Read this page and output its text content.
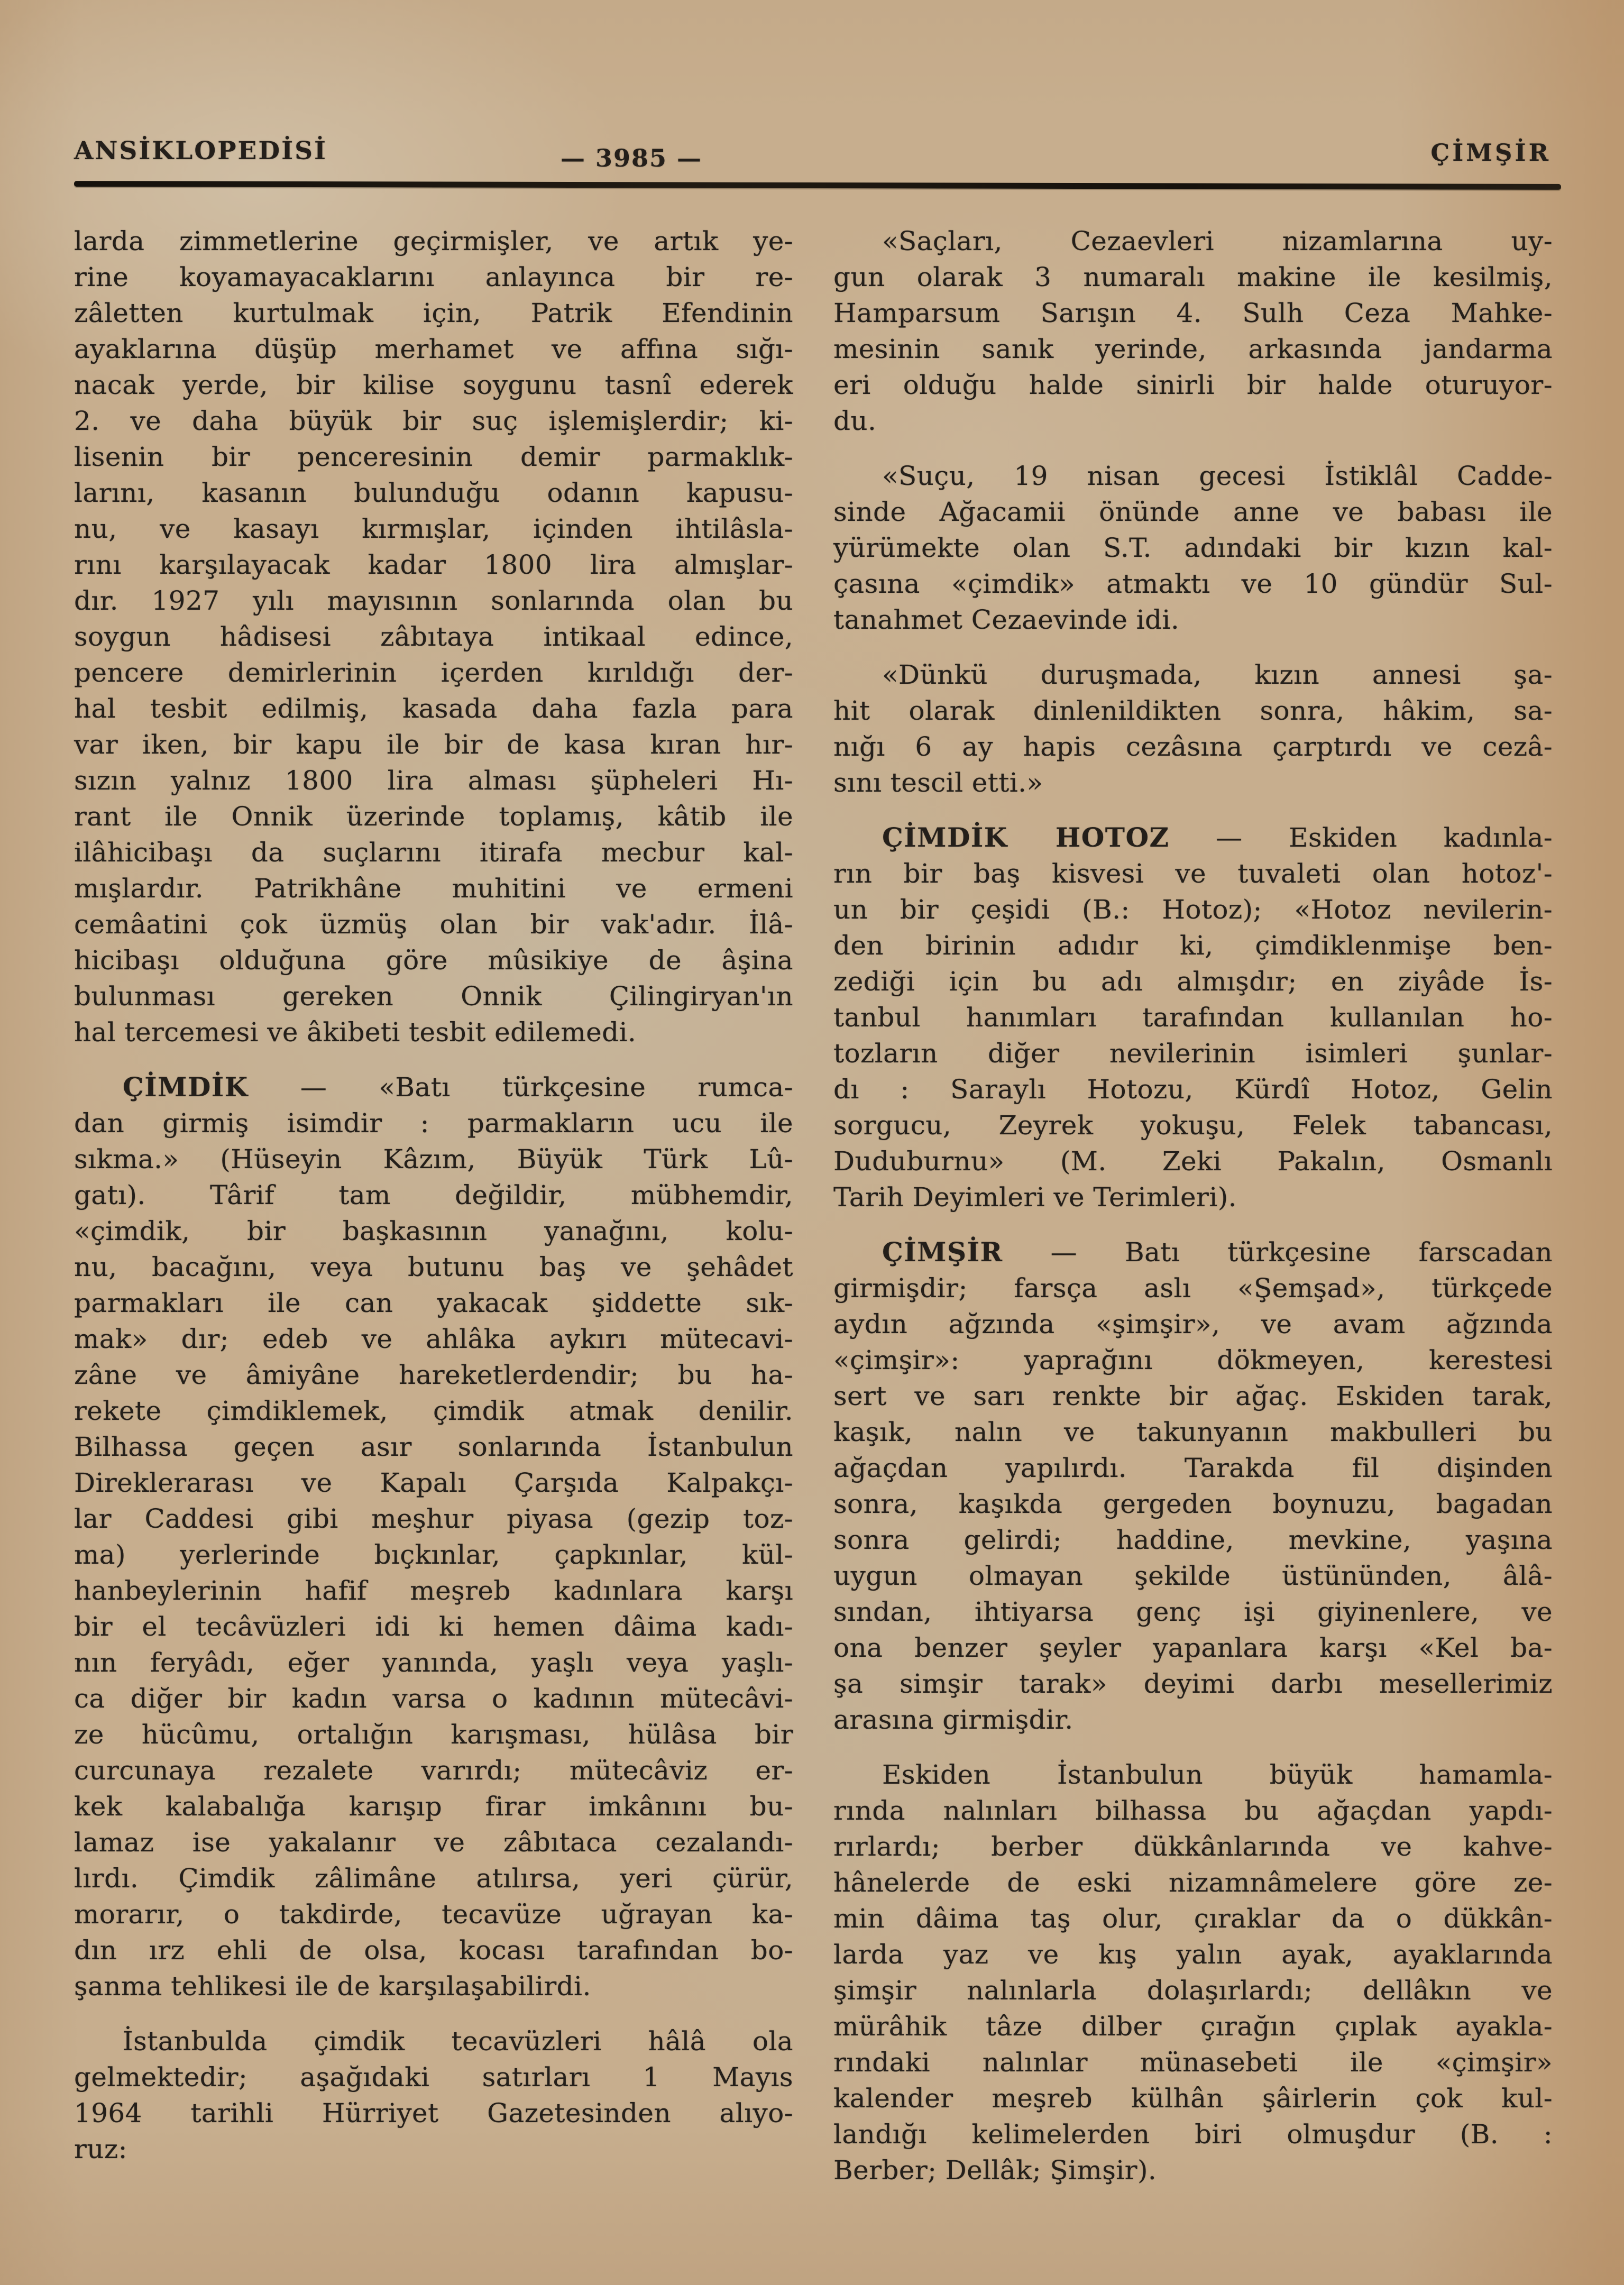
ANSİKLOPEDİSİ	— 3985 —	ÇİMŞİR
larda zimmetlerine geçirmişler, ve artık ye-
rine koyamayacaklarını anlayınca bir re-
zâletten kurtulmak için, Patrik Efendinin
ayaklarına düşüp merhamet ve affına sığı-
nacak yerde, bir kilise soygunu tasnî ederek
2. ve daha büyük bir suç işlemişlerdir; ki-
lisenin bir penceresinin demir parmaklık-
larını, kasanın bulunduğu odanın kapusu-
nu, ve kasayı kırmışlar, içinden ihtilâsla-
rını karşılayacak kadar 1800 lira almışlar-
dır. 1927 yılı mayısının sonlarında olan bu
soygun hâdisesi zâbıtaya intikaal edince,
pencere demirlerinin içerden kırıldığı der-
hal tesbit edilmiş, kasada daha fazla para
var iken, bir kapu ile bir de kasa kıran hır-
sızın yalnız 1800 lira alması şüpheleri Hı-
rant ile Onnik üzerinde toplamış, kâtib ile
ilâhicibaşı da suçlarını itirafa mecbur kal-
mışlardır. Patrikhâne muhitini ve ermeni
cemâatini çok üzmüş olan bir vak'adır. İlâ-
hicibaşı olduğuna göre mûsikiye de âşina
bulunması gereken Onnik Çilingiryan'ın
hal tercemesi ve âkibeti tesbit edilemedi.
ÇİMDİK — «Batı türkçesine rumca-
dan girmiş isimdir : parmakların ucu ile
sıkma.» (Hüseyin Kâzım, Büyük Türk Lû-
gatı). Târif tam değildir, mübhemdir,
«çimdik, bir başkasının yanağını, kolu-
nu, bacağını, veya butunu baş ve şehâdet
parmakları ile can yakacak şiddette sık-
mak» dır; edeb ve ahlâka aykırı mütecavi-
zâne ve âmiyâne hareketlerdendir; bu ha-
rekete çimdiklemek, çimdik atmak denilir.
Bilhassa geçen asır sonlarında İstanbulun
Direklerarası ve Kapalı Çarşıda Kalpakçı-
lar Caddesi gibi meşhur piyasa (gezip toz-
ma) yerlerinde bıçkınlar, çapkınlar, kül-
hanbeylerinin hafif meşreb kadınlara karşı
bir el tecâvüzleri idi ki hemen dâima kadı-
nın feryâdı, eğer yanında, yaşlı veya yaşlı-
ca diğer bir kadın varsa o kadının mütecâvi-
ze hücûmu, ortalığın karışması, hülâsa bir
curcunaya rezalete varırdı; mütecâviz er-
kek kalabalığa karışıp firar imkânını bu-
lamaz ise yakalanır ve zâbıtaca cezalandı-
lırdı. Çimdik zâlimâne atılırsa, yeri çürür,
morarır, o takdirde, tecavüze uğrayan ka-
dın ırz ehli de olsa, kocası tarafından bo-
şanma tehlikesi ile de karşılaşabilirdi.
İstanbulda çimdik tecavüzleri hâlâ ola
gelmektedir; aşağıdaki satırları 1 Mayıs
1964 tarihli Hürriyet Gazetesinden alıyo-
ruz:
«Saçları, Cezaevleri nizamlarına uy-
gun olarak 3 numaralı makine ile kesilmiş,
Hamparsum Sarışın 4. Sulh Ceza Mahke-
mesinin sanık yerinde, arkasında jandarma
eri olduğu halde sinirli bir halde oturuyor-
du.
«Suçu, 19 nisan gecesi İstiklâl Cadde-
sinde Ağacamii önünde anne ve babası ile
yürümekte olan S.T. adındaki bir kızın kal-
çasına «çimdik» atmaktı ve 10 gündür Sul-
tanahmet Cezaevinde idi.
«Dünkü duruşmada, kızın annesi şa-
hit olarak dinlenildikten sonra, hâkim, sa-
nığı 6 ay hapis cezâsına çarptırdı ve cezâ-
sını tescil etti.»
ÇİMDİK HOTOZ — Eskiden kadınla-
rın bir baş kisvesi ve tuvaleti olan hotoz'-
un bir çeşidi (B.: Hotoz); «Hotoz nevilerin-
den birinin adıdır ki, çimdiklenmişe ben-
zediği için bu adı almışdır; en ziyâde İs-
tanbul hanımları tarafından kullanılan ho-
tozların diğer nevilerinin isimleri şunlar-
dı : Saraylı Hotozu, Kürdî Hotoz, Gelin
sorgucu, Zeyrek yokuşu, Felek tabancası,
Duduburnu» (M. Zeki Pakalın, Osmanlı
Tarih Deyimleri ve Terimleri).
ÇİMŞİR — Batı türkçesine farscadan
girmişdir; farsça aslı «Şemşad», türkçede
aydın ağzında «şimşir», ve avam ağzında
«çimşir»: yaprağını dökmeyen, kerestesi
sert ve sarı renkte bir ağaç. Eskiden tarak,
kaşık, nalın ve takunyanın makbulleri bu
ağaçdan yapılırdı. Tarakda fil dişinden
sonra, kaşıkda gergeden boynuzu, bagadan
sonra gelirdi; haddine, mevkine, yaşına
uygun olmayan şekilde üstününden, âlâ-
sından, ihtiyarsa genç işi giyinenlere, ve
ona benzer şeyler yapanlara karşı «Kel ba-
şa simşir tarak» deyimi darbı mesellerimiz
arasına girmişdir.
Eskiden İstanbulun büyük hamamla-
rında nalınları bilhassa bu ağaçdan yapdı-
rırlardı; berber dükkânlarında ve kahve-
hânelerde de eski nizamnâmelere göre ze-
min dâima taş olur, çıraklar da o dükkân-
larda yaz ve kış yalın ayak, ayaklarında
şimşir nalınlarla dolaşırlardı; dellâkın ve
mürâhik tâze dilber çırağın çıplak ayakla-
rındaki nalınlar münasebeti ile «çimşir»
kalender meşreb külhân şâirlerin çok kul-
landığı kelimelerden biri olmuşdur (B. :
Berber; Dellâk; Şimşir).
